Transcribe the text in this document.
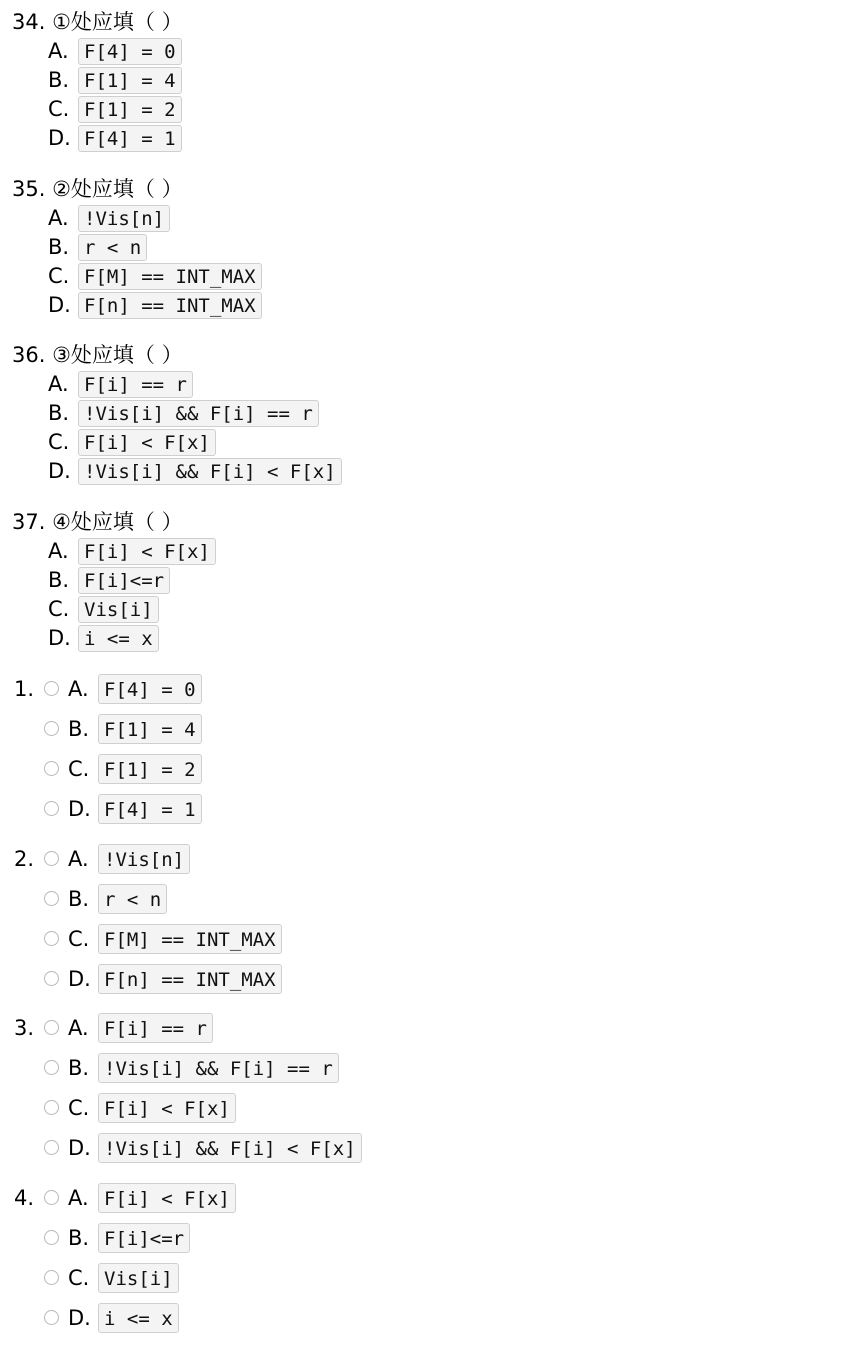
34. ①处应填（ ）
A. F[4] = 0
B. F[1] = 4
C. F[1] = 2
D. F[4] = 1
35. ②处应填（ ）
A. !Vis[n]
B. r < n
C. F[M] == INT_MAX
D. F[n] == INT_MAX
36. ③处应填（ ）
A. F[i] == r
B. !Vis[i] && F[i] == r
C. F[i] < F[x]
D. !Vis[i] && F[i] < F[x]
37. ④处应填（ ）
A. F[i] < F[x]
B. F[i]<=r
C. Vis[i]
D. i <= x
1. A. F[4] = 0
B. F[1] = 4
C. F[1] = 2
D. F[4] = 1
2. A. !Vis[n]
B. r < n
C. F[M] == INT_MAX
D. F[n] == INT_MAX
3. A. F[i] == r
B. !Vis[i] && F[i] == r
C. F[i] < F[x]
D. !Vis[i] && F[i] < F[x]
4. A. F[i] < F[x]
B. F[i]<=r
C. Vis[i]
D. i <= x
